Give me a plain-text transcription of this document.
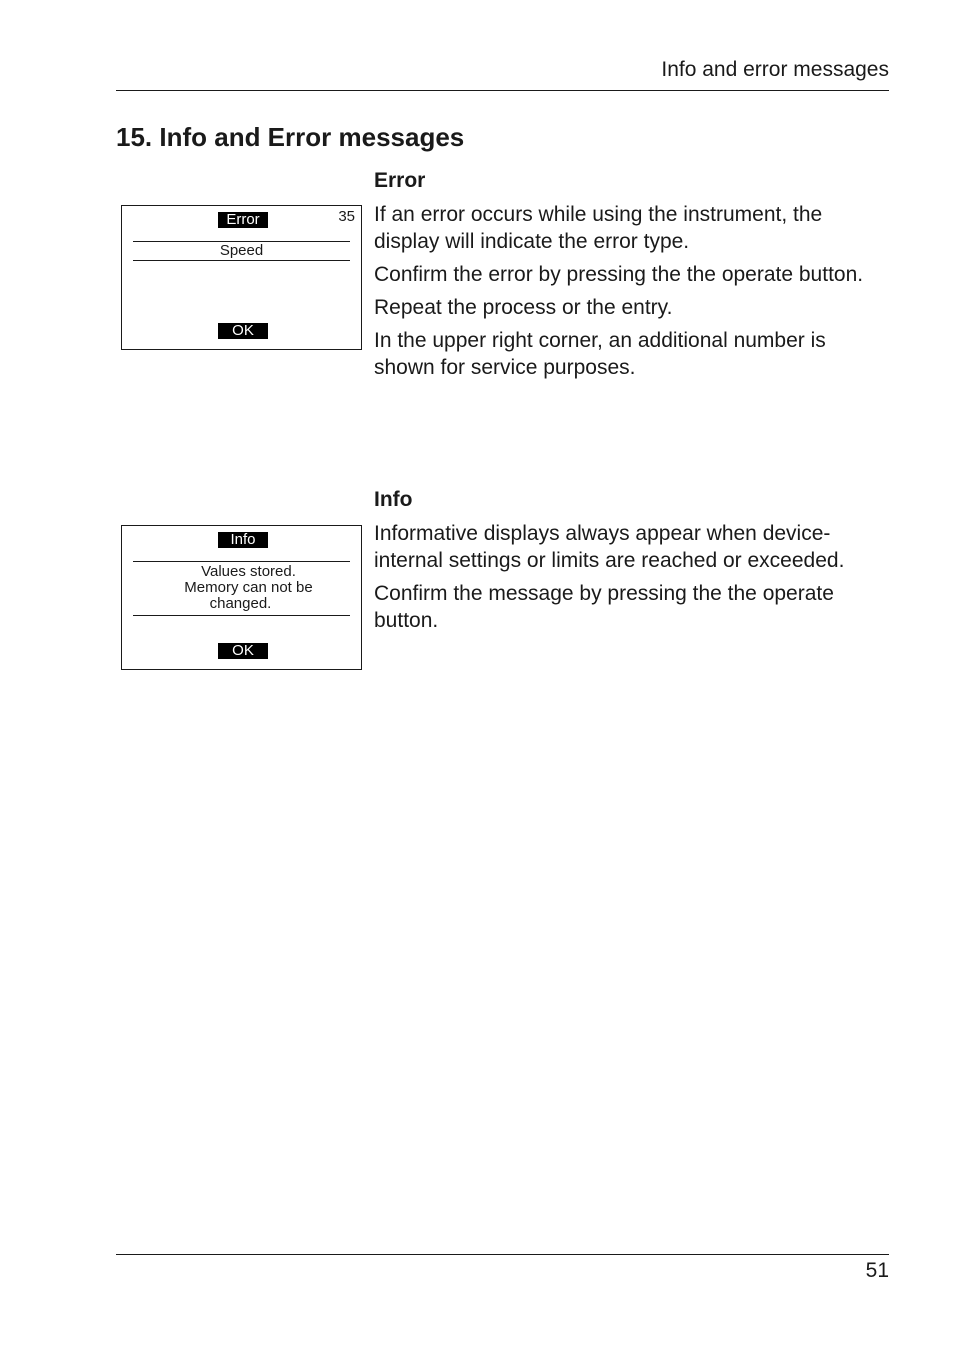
Info and error messages
15. Info and Error messages
Error	35
Speed
OK
Error

If an error occurs while using the instrument, the display will indicate the error type.

Confirm the error by pressing the the operate button.

Repeat the process or the entry.

In the upper right corner, an additional number is shown for service purposes.

Info
Values stored.
Memory can not be
changed.
OK
Info

Informative displays always appear when device-internal settings or limits are reached or exceeded.

Confirm the message by pressing the the operate button.

51
